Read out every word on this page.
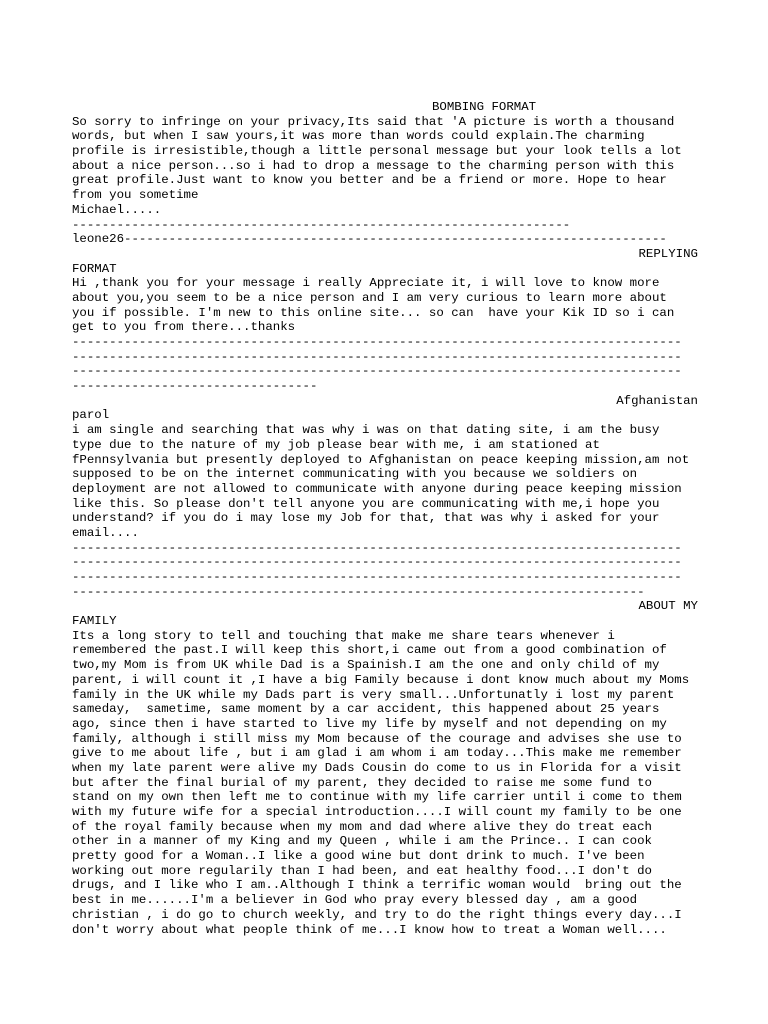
BOMBING FORMAT
So sorry to infringe on your privacy,Its said that 'A picture is worth a thousand
words, but when I saw yours,it was more than words could explain.The charming
profile is irresistible,though a little personal message but your look tells a lot
about a nice person...so i had to drop a message to the charming person with this
great profile.Just want to know you better and be a friend or more. Hope to hear
from you sometime
Michael.....
-------------------------------------------------------------------
leone26-------------------------------------------------------------------------
REPLYING
FORMAT
Hi ,thank you for your message i really Appreciate it, i will love to know more
about you,you seem to be a nice person and I am very curious to learn more about
you if possible. I'm new to this online site... so can  have your Kik ID so i can
get to you from there...thanks
----------------------------------------------------------------------------------
----------------------------------------------------------------------------------
----------------------------------------------------------------------------------
---------------------------------
Afghanistan
parol
i am single and searching that was why i was on that dating site, i am the busy
type due to the nature of my job please bear with me, i am stationed at
fPennsylvania but presently deployed to Afghanistan on peace keeping mission,am not
supposed to be on the internet communicating with you because we soldiers on
deployment are not allowed to communicate with anyone during peace keeping mission
like this. So please don't tell anyone you are communicating with me,i hope you
understand? if you do i may lose my Job for that, that was why i asked for your
email....
----------------------------------------------------------------------------------
----------------------------------------------------------------------------------
----------------------------------------------------------------------------------
-----------------------------------------------------------------------------
ABOUT MY
FAMILY
Its a long story to tell and touching that make me share tears whenever i
remembered the past.I will keep this short,i came out from a good combination of
two,my Mom is from UK while Dad is a Spainish.I am the one and only child of my
parent, i will count it ,I have a big Family because i dont know much about my Moms
family in the UK while my Dads part is very small...Unfortunatly i lost my parent
sameday,  sametime, same moment by a car accident, this happened about 25 years
ago, since then i have started to live my life by myself and not depending on my
family, although i still miss my Mom because of the courage and advises she use to
give to me about life , but i am glad i am whom i am today...This make me remember
when my late parent were alive my Dads Cousin do come to us in Florida for a visit
but after the final burial of my parent, they decided to raise me some fund to
stand on my own then left me to continue with my life carrier until i come to them
with my future wife for a special introduction....I will count my family to be one
of the royal family because when my mom and dad where alive they do treat each
other in a manner of my King and my Queen , while i am the Prince.. I can cook
pretty good for a Woman..I like a good wine but dont drink to much. I've been
working out more regularily than I had been, and eat healthy food...I don't do
drugs, and I like who I am..Although I think a terrific woman would  bring out the
best in me......I'm a believer in God who pray every blessed day , am a good
christian , i do go to church weekly, and try to do the right things every day...I
don't worry about what people think of me...I know how to treat a Woman well....
